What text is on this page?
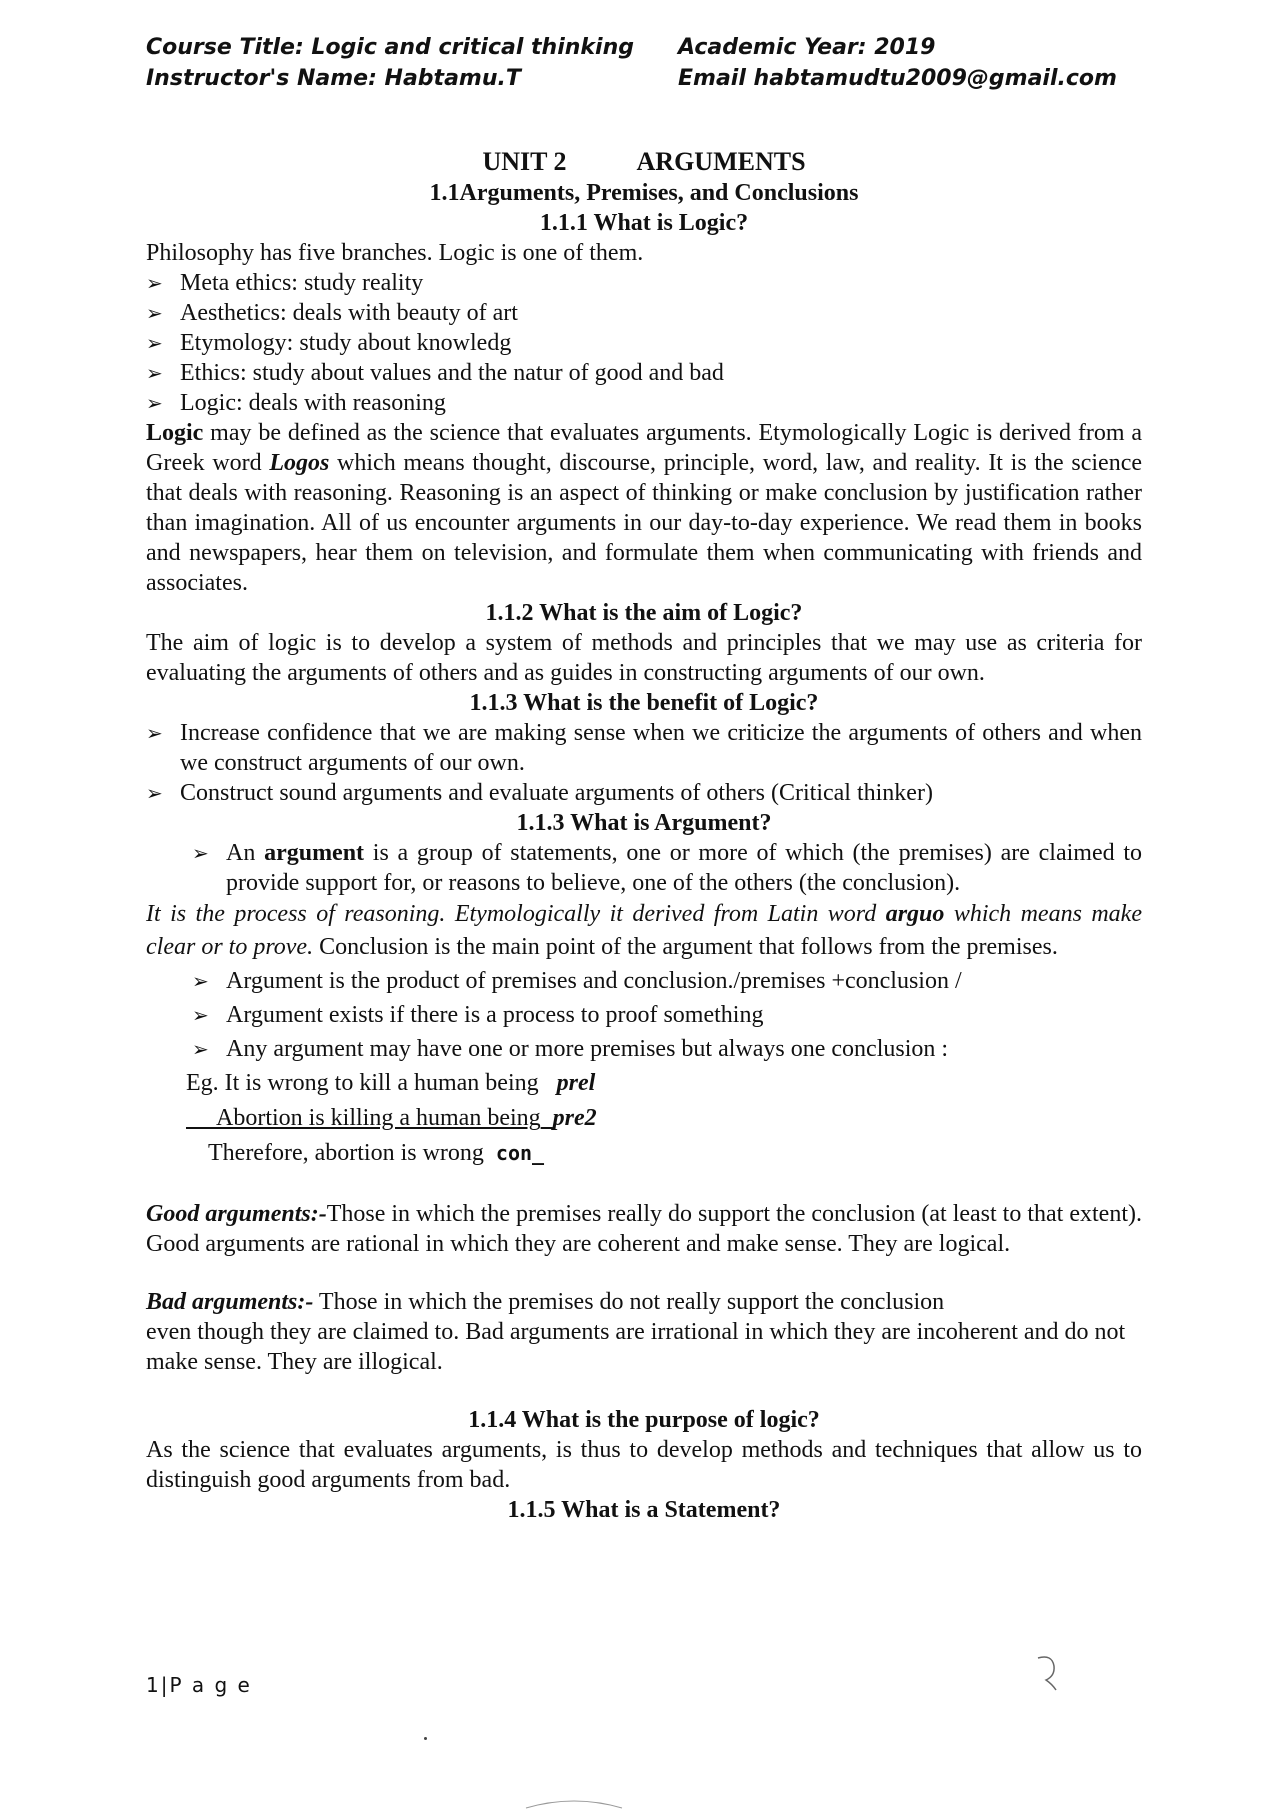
Course Title: Logic and critical thinking
Instructor's Name: Habtamu.T
Academic Year: 2019
Email habtamudtu2009@gmail.com
UNIT 2	ARGUMENTS
1.1Arguments, Premises, and Conclusions
1.1.1 What is Logic?

Philosophy has five branches. Logic is one of them.

➢ Meta ethics: study reality
➢ Aesthetics: deals with beauty of art
➢ Etymology: study about knowledg
➢ Ethics: study about values and the natur of good and bad
➢ Logic: deals with reasoning

Logic may be defined as the science that evaluates arguments. Etymologically Logic is derived from a Greek word Logos which means thought, discourse, principle, word, law, and reality. It is the science that deals with reasoning. Reasoning is an aspect of thinking or make conclusion by justification rather than imagination. All of us encounter arguments in our day-to-day experience. We read them in books and newspapers, hear them on television, and formulate them when communicating with friends and associates.

1.1.2 What is the aim of Logic?

The aim of logic is to develop a system of methods and principles that we may use as criteria for evaluating the arguments of others and as guides in constructing arguments of our own.

1.1.3 What is the benefit of Logic?
➢ Increase confidence that we are making sense when we criticize the arguments of others and when we construct arguments of our own.
➢ Construct sound arguments and evaluate arguments of others (Critical thinker)
1.1.3 What is Argument?
➢ An argument is a group of statements, one or more of which (the premises) are claimed to provide support for, or reasons to believe, one of the others (the conclusion).

It is the process of reasoning. Etymologically it derived from Latin word arguo which means make clear or to prove. Conclusion is the main point of the argument that follows from the premises.

➢ Argument is the product of premises and conclusion./premises +conclusion /
➢ Argument exists if there is a process to proof something
➢ Any argument may have one or more premises but always one conclusion :
Eg. It is wrong to kill a human being prel
Abortion is killing a human being pre2
Therefore, abortion is wrong con_

Good arguments:-Those in which the premises really do support the conclusion (at least to that extent). Good arguments are rational in which they are coherent and make sense. They are logical.

Bad arguments:- Those in which the premises do not really support the conclusion
even though they are claimed to. Bad arguments are irrational in which they are incoherent and do not make sense. They are illogical.

1.1.4 What is the purpose of logic?

As the science that evaluates arguments, is thus to develop methods and techniques that allow us to distinguish good arguments from bad.

1.1.5 What is a Statement?
1|P a g e
